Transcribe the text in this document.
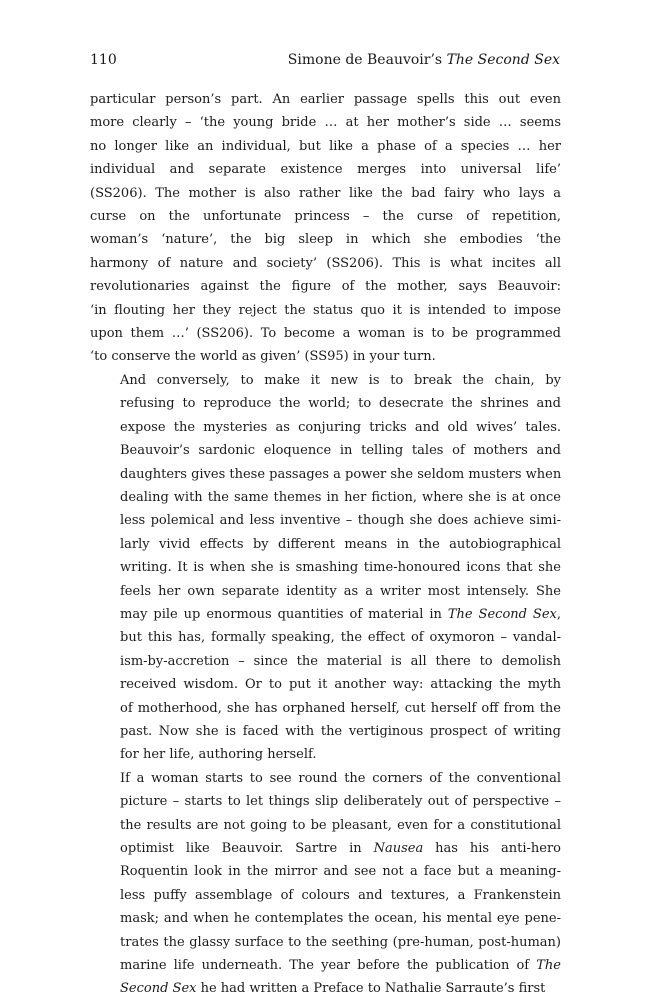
110	Simone de Beauvoir’s The Second Sex

particular person’s part. An earlier passage spells this out even
more clearly – ‘the young bride … at her mother’s side … seems
no longer like an individual, but like a phase of a species … her
individual and separate existence merges into universal life’
(SS206). The mother is also rather like the bad fairy who lays a
curse on the unfortunate princess – the curse of repetition,
woman’s ‘nature’, the big sleep in which she embodies ‘the
harmony of nature and society’ (SS206). This is what incites all
revolutionaries against the figure of the mother, says Beauvoir:
‘in flouting her they reject the status quo it is intended to impose
upon them …’ (SS206). To become a woman is to be programmed
‘to conserve the world as given’ (SS95) in your turn.

And conversely, to make it new is to break the chain, by
refusing to reproduce the world; to desecrate the shrines and
expose the mysteries as conjuring tricks and old wives’ tales.
Beauvoir’s sardonic eloquence in telling tales of mothers and
daughters gives these passages a power she seldom musters when
dealing with the same themes in her fiction, where she is at once
less polemical and less inventive – though she does achieve simi-
larly vivid effects by different means in the autobiographical
writing. It is when she is smashing time-honoured icons that she
feels her own separate identity as a writer most intensely. She
may pile up enormous quantities of material in The Second Sex,
but this has, formally speaking, the effect of oxymoron – vandal-
ism-by-accretion – since the material is all there to demolish
received wisdom. Or to put it another way: attacking the myth
of motherhood, she has orphaned herself, cut herself off from the
past. Now she is faced with the vertiginous prospect of writing
for her life, authoring herself.

If a woman starts to see round the corners of the conventional
picture – starts to let things slip deliberately out of perspective –
the results are not going to be pleasant, even for a constitutional
optimist like Beauvoir. Sartre in Nausea has his anti-hero
Roquentin look in the mirror and see not a face but a meaning-
less puffy assemblage of colours and textures, a Frankenstein
mask; and when he contemplates the ocean, his mental eye pene-
trates the glassy surface to the seething (pre-human, post-human)
marine life underneath. The year before the publication of The
Second Sex he had written a Preface to Nathalie Sarraute’s first
